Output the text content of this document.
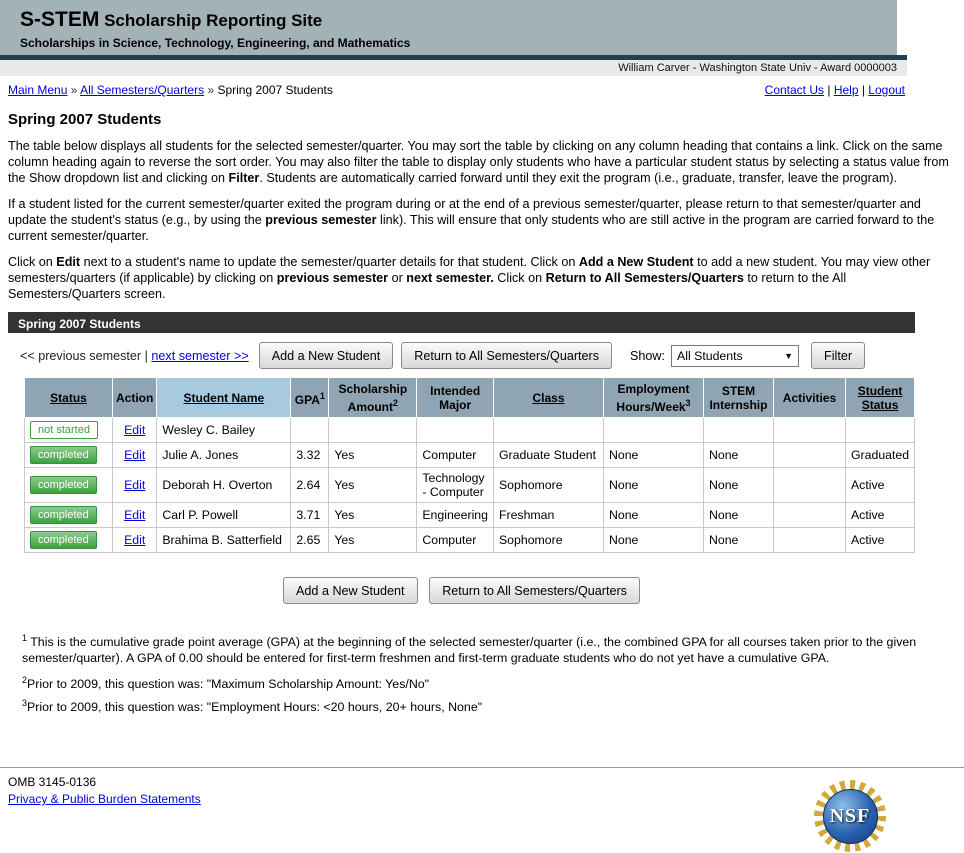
S-STEM Scholarship Reporting Site
Scholarships in Science, Technology, Engineering, and Mathematics
William Carver - Washington State Univ - Award 0000003
Main Menu » All Semesters/Quarters » Spring 2007 Students	Contact Us | Help | Logout
Spring 2007 Students

The table below displays all students for the selected semester/quarter. You may sort the table by clicking on any column heading that contains a link. Click on the same column heading again to reverse the sort order. You may also filter the table to display only students who have a particular student status by selecting a status value from the Show dropdown list and clicking on Filter. Students are automatically carried forward until they exit the program (i.e., graduate, transfer, leave the program).

If a student listed for the current semester/quarter exited the program during or at the end of a previous semester/quarter, please return to that semester/quarter and update the student's status (e.g., by using the previous semester link). This will ensure that only students who are still active in the program are carried forward to the current semester/quarter.

Click on Edit next to a student's name to update the semester/quarter details for that student. Click on Add a New Student to add a new student. You may view other semesters/quarters (if applicable) by clicking on previous semester or next semester. Click on Return to All Semesters/Quarters to return to the All Semesters/Quarters screen.

Spring 2007 Students
<< previous semester | next semester >>	Add a New Student	Return to All Semesters/Quarters	Show: All Students	▼	Filter
Status	Action	Student Name	GPA$^1$	Scholarship Amount$^2$	Intended Major	Class	Employment Hours/Week$^3$	STEM Internship	Activities	Student Status
not started	Edit	Wesley C. Bailey								
completed	Edit	Julie A. Jones	3.32	Yes	Computer	Graduate Student	None	None		Graduated
completed	Edit	Deborah H. Overton	2.64	Yes	Technology - Computer	Sophomore	None	None		Active
completed	Edit	Carl P. Powell	3.71	Yes	Engineering	Freshman	None	None		Active
completed	Edit	Brahima B. Satterfield	2.65	Yes	Computer	Sophomore	None	None		Active
Add a New Student	Return to All Semesters/Quarters
$^1$ This is the cumulative grade point average (GPA) at the beginning of the selected semester/quarter (i.e., the combined GPA for all courses taken prior to the given semester/quarter). A GPA of 0.00 should be entered for first-term freshmen and first-term graduate students who do not yet have a cumulative GPA.
$^2$Prior to 2009, this question was: "Maximum Scholarship Amount: Yes/No"
$^3$Prior to 2009, this question was: "Employment Hours: <20 hours, 20+ hours, None"
OMB 3145-0136
Privacy & Public Burden Statements
NSF
